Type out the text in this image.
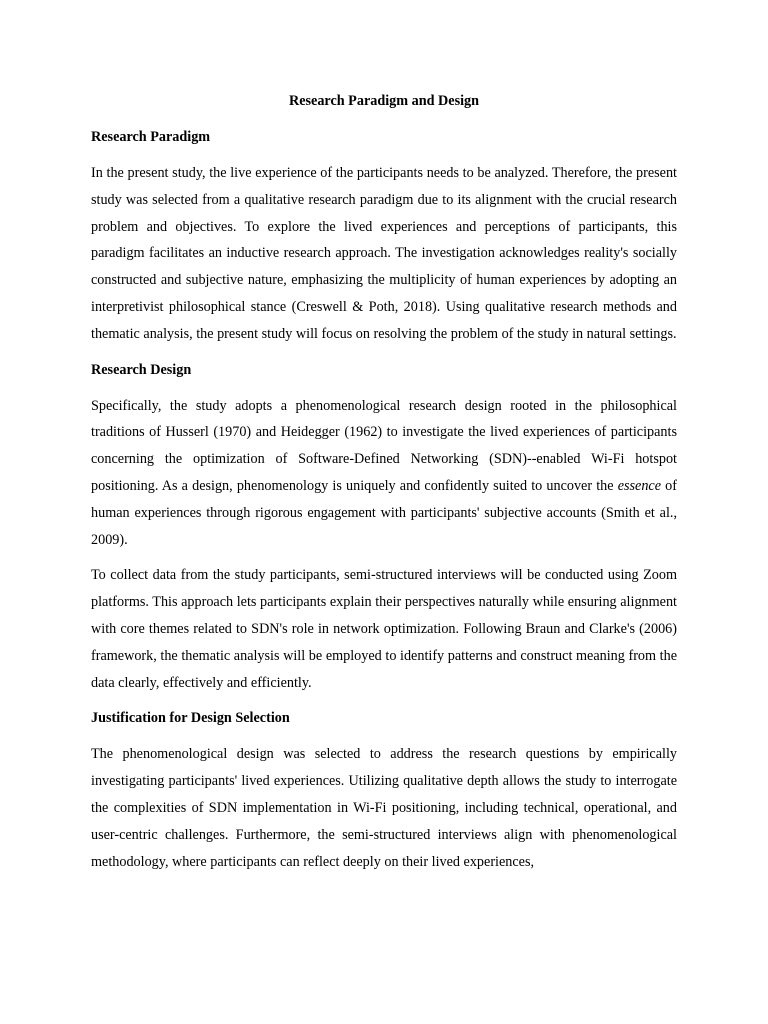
Research Paradigm and Design

Research Paradigm

In the present study, the live experience of the participants needs to be analyzed. Therefore, the present study was selected from a qualitative research paradigm due to its alignment with the crucial research problem and objectives. To explore the lived experiences and perceptions of participants, this paradigm facilitates an inductive research approach. The investigation acknowledges reality's socially constructed and subjective nature, emphasizing the multiplicity of human experiences by adopting an interpretivist philosophical stance (Creswell & Poth, 2018). Using qualitative research methods and thematic analysis, the present study will focus on resolving the problem of the study in natural settings.

Research Design

Specifically, the study adopts a phenomenological research design rooted in the philosophical traditions of Husserl (1970) and Heidegger (1962) to investigate the lived experiences of participants concerning the optimization of Software-Defined Networking (SDN)--enabled Wi-Fi hotspot positioning. As a design, phenomenology is uniquely and confidently suited to uncover the essence of human experiences through rigorous engagement with participants' subjective accounts (Smith et al., 2009).

To collect data from the study participants, semi-structured interviews will be conducted using Zoom platforms. This approach lets participants explain their perspectives naturally while ensuring alignment with core themes related to SDN's role in network optimization. Following Braun and Clarke's (2006) framework, the thematic analysis will be employed to identify patterns and construct meaning from the data clearly, effectively and efficiently.

Justification for Design Selection

The phenomenological design was selected to address the research questions by empirically investigating participants' lived experiences. Utilizing qualitative depth allows the study to interrogate the complexities of SDN implementation in Wi-Fi positioning, including technical, operational, and user-centric challenges. Furthermore, the semi-structured interviews align with phenomenological methodology, where participants can reflect deeply on their lived experiences,
